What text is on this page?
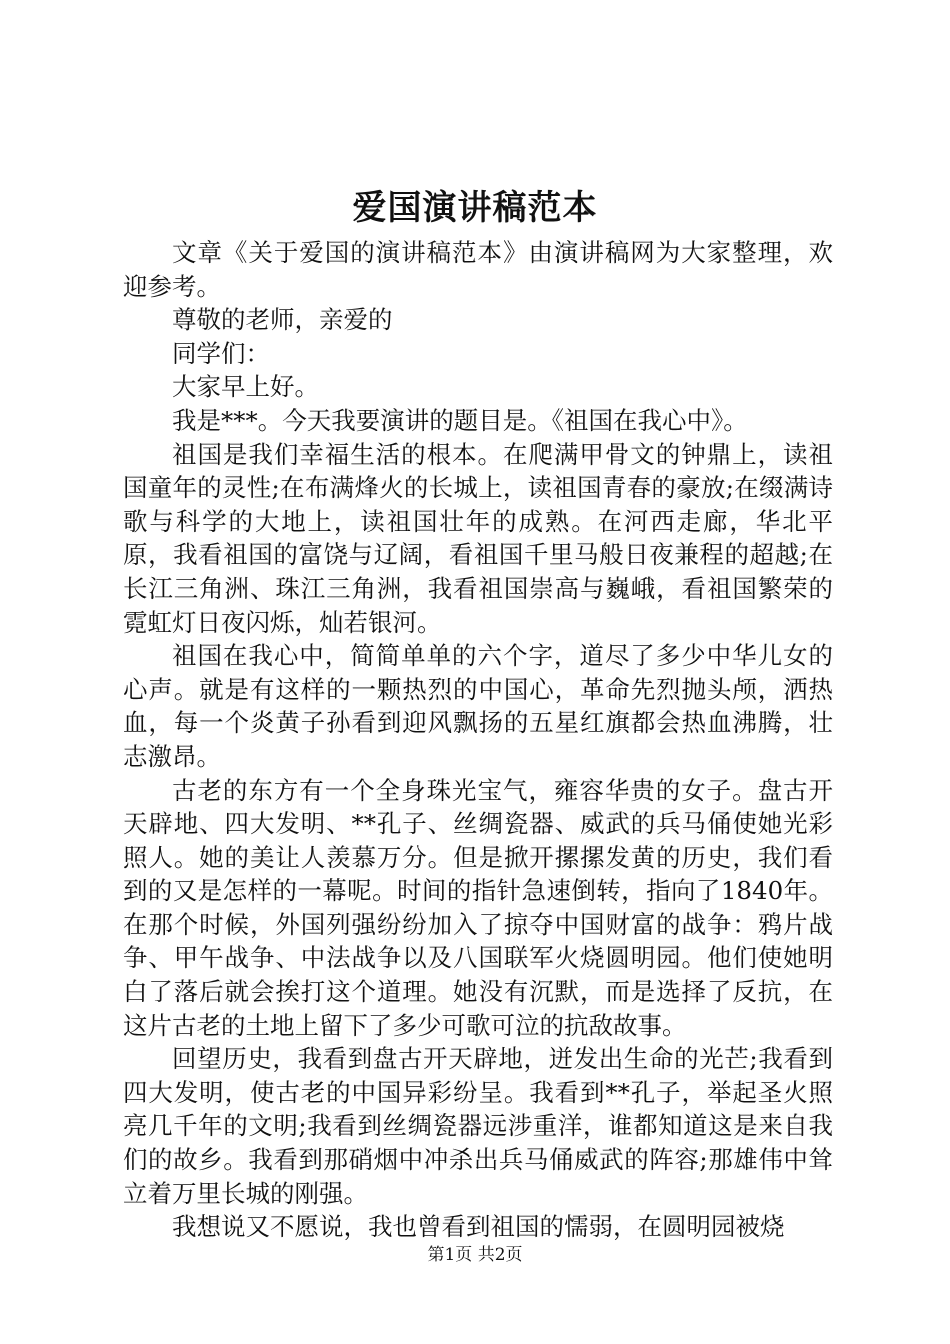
爱国演讲稿范本

文章《关于爱国的演讲稿范本》由演讲稿网为大家整理，欢迎参考。

尊敬的老师，亲爱的

同学们：

大家早上好。

我是***。今天我要演讲的题目是。《祖国在我心中》。

祖国是我们幸福生活的根本。在爬满甲骨文的钟鼎上，读祖国童年的灵性;在布满烽火的长城上，读祖国青春的豪放;在缀满诗歌与科学的大地上，读祖国壮年的成熟。在河西走廊，华北平原，我看祖国的富饶与辽阔，看祖国千里马般日夜兼程的超越;在长江三角洲、珠江三角洲，我看祖国崇高与巍峨，看祖国繁荣的霓虹灯日夜闪烁，灿若银河。

祖国在我心中，简简单单的六个字，道尽了多少中华儿女的心声。就是有这样的一颗热烈的中国心，革命先烈抛头颅，洒热血，每一个炎黄子孙看到迎风飘扬的五星红旗都会热血沸腾，壮志激昂。

古老的东方有一个全身珠光宝气，雍容华贵的女子。盘古开天辟地、四大发明、**孔子、丝绸瓷器、威武的兵马俑使她光彩照人。她的美让人羡慕万分。但是掀开摞摞发黄的历史，我们看到的又是怎样的一幕呢。时间的指针急速倒转，指向了1840年。在那个时候，外国列强纷纷加入了掠夺中国财富的战争：鸦片战争、甲午战争、中法战争以及八国联军火烧圆明园。他们使她明白了落后就会挨打这个道理。她没有沉默，而是选择了反抗，在这片古老的土地上留下了多少可歌可泣的抗敌故事。

回望历史，我看到盘古开天辟地，迸发出生命的光芒;我看到四大发明，使古老的中国异彩纷呈。我看到**孔子，举起圣火照亮几千年的文明;我看到丝绸瓷器远涉重洋，谁都知道这是来自我们的故乡。我看到那硝烟中冲杀出兵马俑威武的阵容;那雄伟中耸立着万里长城的刚强。

我想说又不愿说，我也曾看到祖国的懦弱，在圆明园被烧

第1页 共2页
